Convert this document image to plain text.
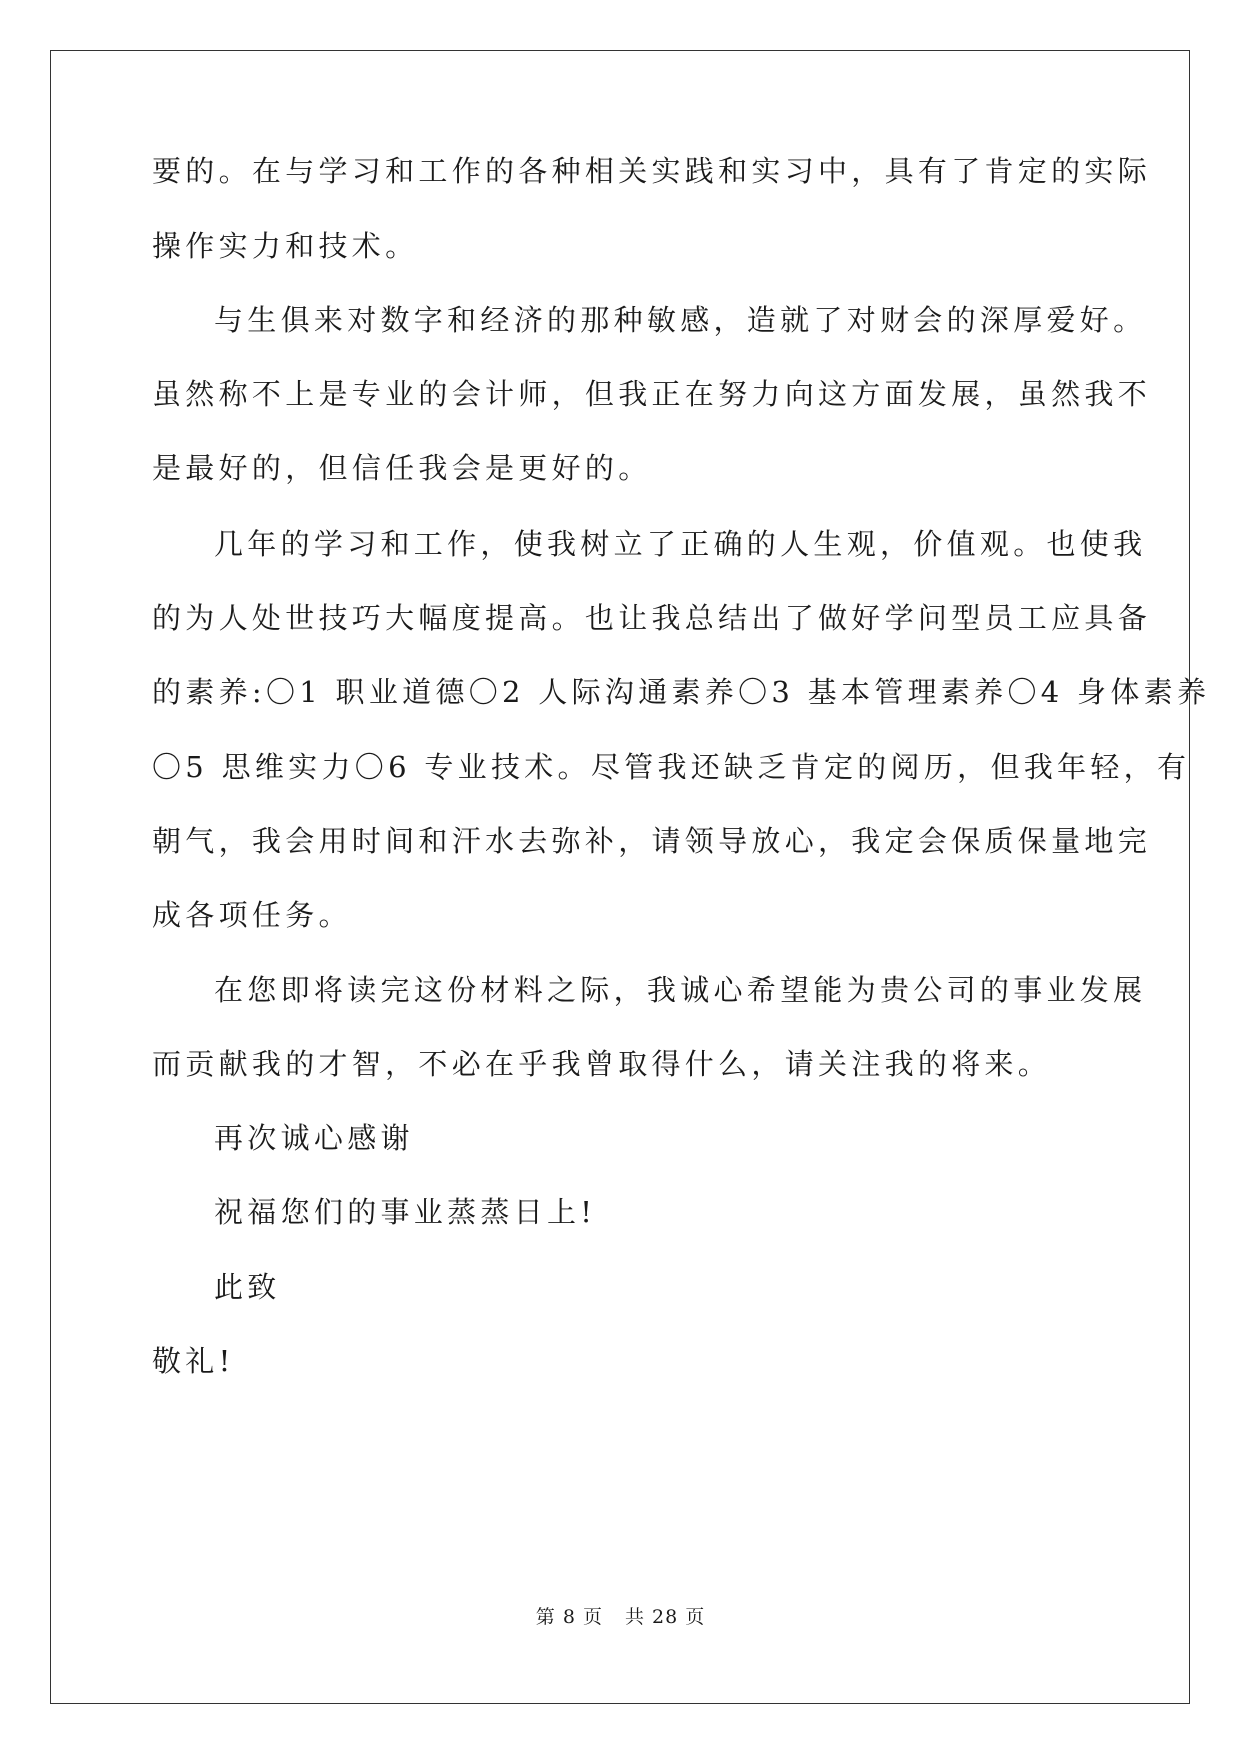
要的。在与学习和工作的各种相关实践和实习中，具有了肯定的实际
操作实力和技术。
与生俱来对数字和经济的那种敏感，造就了对财会的深厚爱好。
虽然称不上是专业的会计师，但我正在努力向这方面发展，虽然我不
是最好的，但信任我会是更好的。
几年的学习和工作，使我树立了正确的人生观，价值观。也使我
的为人处世技巧大幅度提高。也让我总结出了做好学问型员工应具备
的素养:〇1 职业道德〇2 人际沟通素养〇3 基本管理素养〇4 身体素养
〇5 思维实力〇6 专业技术。尽管我还缺乏肯定的阅历，但我年轻，有
朝气，我会用时间和汗水去弥补，请领导放心，我定会保质保量地完
成各项任务。
在您即将读完这份材料之际，我诚心希望能为贵公司的事业发展
而贡献我的才智，不必在乎我曾取得什么，请关注我的将来。
再次诚心感谢
祝福您们的事业蒸蒸日上!
此致
敬礼!
第 8 页 共 28 页
